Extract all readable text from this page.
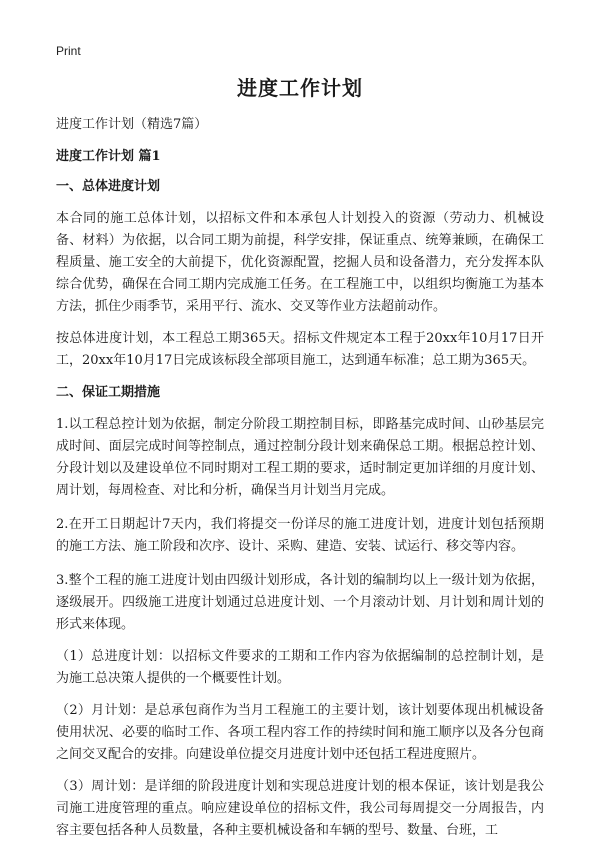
Print
进度工作计划

进度工作计划（精选7篇）

进度工作计划 篇1

一、总体进度计划

本合同的施工总体计划，以招标文件和本承包人计划投入的资源（劳动力、机械设备、材料）为依据，以合同工期为前提，科学安排，保证重点、统筹兼顾，在确保工程质量、施工安全的大前提下，优化资源配置，挖掘人员和设备潜力，充分发挥本队综合优势，确保在合同工期内完成施工任务。在工程施工中，以组织均衡施工为基本方法，抓住少雨季节，采用平行、流水、交叉等作业方法超前动作。

按总体进度计划，本工程总工期365天。招标文件规定本工程于20xx年10月17日开工，20xx年10月17日完成该标段全部项目施工，达到通车标准；总工期为365天。

二、保证工期措施

1.以工程总控计划为依据，制定分阶段工期控制目标，即路基完成时间、山砂基层完成时间、面层完成时间等控制点，通过控制分段计划来确保总工期。根据总控计划、分段计划以及建设单位不同时期对工程工期的要求，适时制定更加详细的月度计划、周计划，每周检查、对比和分析，确保当月计划当月完成。

2.在开工日期起计7天内，我们将提交一份详尽的施工进度计划，进度计划包括预期的施工方法、施工阶段和次序、设计、采购、建造、安装、试运行、移交等内容。

3.整个工程的施工进度计划由四级计划形成，各计划的编制均以上一级计划为依据，逐级展开。四级施工进度计划通过总进度计划、一个月滚动计划、月计划和周计划的形式来体现。

（1）总进度计划：以招标文件要求的工期和工作内容为依据编制的总控制计划，是为施工总决策人提供的一个概要性计划。

（2）月计划：是总承包商作为当月工程施工的主要计划，该计划要体现出机械设备使用状况、必要的临时工作、各项工程内容工作的持续时间和施工顺序以及各分包商之间交叉配合的安排。向建设单位提交月进度计划中还包括工程进度照片。

（3）周计划：是详细的阶段进度计划和实现总进度计划的根本保证，该计划是我公司施工进度管理的重点。响应建设单位的招标文件，我公司每周提交一分周报告，内容主要包括各种人员数量，各种主要机械设备和车辆的型号、数量、台班，工
